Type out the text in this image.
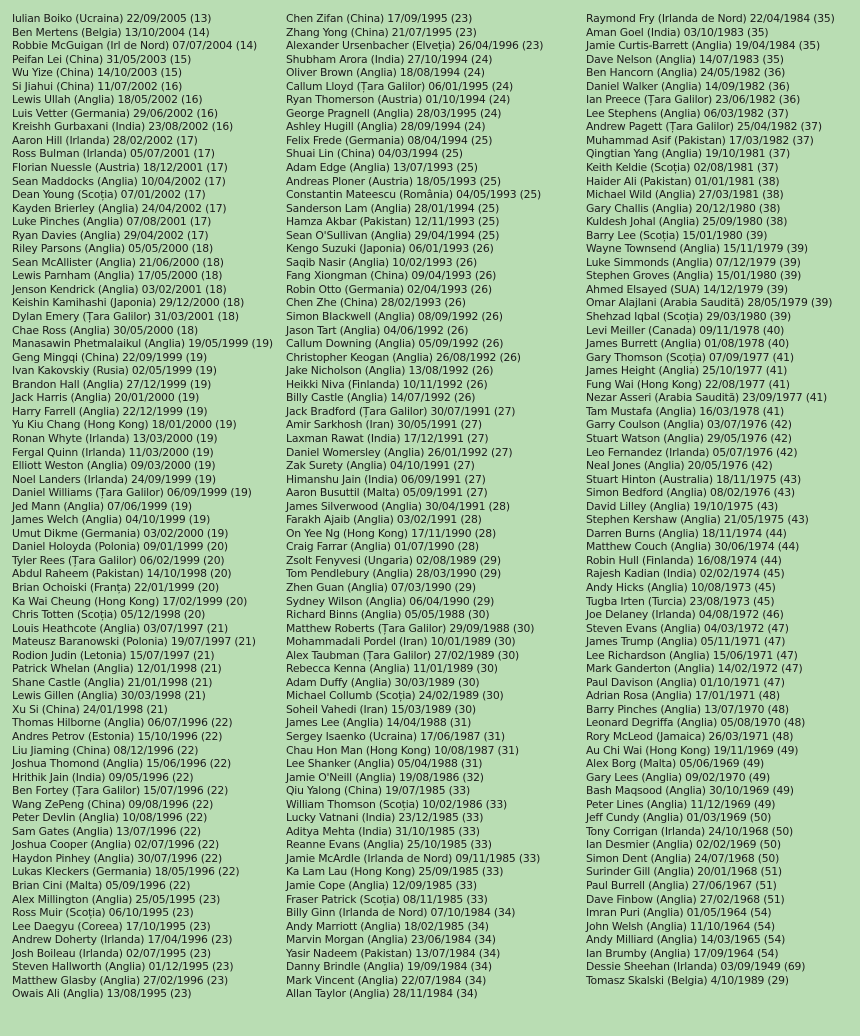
Iulian Boiko (Ucraina) 22/09/2005 (13)
Ben Mertens (Belgia) 13/10/2004 (14)
Robbie McGuigan (Irl de Nord) 07/07/2004 (14)
Peifan Lei (China) 31/05/2003 (15)
Wu Yize (China) 14/10/2003 (15)
Si Jiahui (China) 11/07/2002 (16)
Lewis Ullah (Anglia) 18/05/2002 (16)
Luis Vetter (Germania) 29/06/2002 (16)
Kreishh Gurbaxani (India) 23/08/2002 (16)
Aaron Hill (Irlanda) 28/02/2002 (17)
Ross Bulman (Irlanda) 05/07/2001 (17)
Florian Nuessle (Austria) 18/12/2001 (17)
Sean Maddocks (Anglia) 10/04/2002 (17)
Dean Young (Scoția) 07/01/2002 (17)
Kayden Brierley (Anglia) 24/04/2002 (17)
Luke Pinches (Anglia) 07/08/2001 (17)
Ryan Davies (Anglia) 29/04/2002 (17)
Riley Parsons (Anglia) 05/05/2000 (18)
Sean McAllister (Anglia) 21/06/2000 (18)
Lewis Parnham (Anglia) 17/05/2000 (18)
Jenson Kendrick (Anglia) 03/02/2001 (18)
Keishin Kamihashi (Japonia) 29/12/2000 (18)
Dylan Emery (Țara Galilor) 31/03/2001 (18)
Chae Ross (Anglia) 30/05/2000 (18)
Manasawin Phetmalaikul (Anglia) 19/05/1999 (19)
Geng Mingqi (China) 22/09/1999 (19)
Ivan Kakovskiy (Rusia) 02/05/1999 (19)
Brandon Hall (Anglia) 27/12/1999 (19)
Jack Harris (Anglia) 20/01/2000 (19)
Harry Farrell (Anglia) 22/12/1999 (19)
Yu Kiu Chang (Hong Kong) 18/01/2000 (19)
Ronan Whyte (Irlanda) 13/03/2000 (19)
Fergal Quinn (Irlanda) 11/03/2000 (19)
Elliott Weston (Anglia) 09/03/2000 (19)
Noel Landers (Irlanda) 24/09/1999 (19)
Daniel Williams (Țara Galilor) 06/09/1999 (19)
Jed Mann (Anglia) 07/06/1999 (19)
James Welch (Anglia) 04/10/1999 (19)
Umut Dikme (Germania) 03/02/2000 (19)
Daniel Holoyda (Polonia) 09/01/1999 (20)
Tyler Rees (Țara Galilor) 06/02/1999 (20)
Abdul Raheem (Pakistan) 14/10/1998 (20)
Brian Ochoiski (Franța) 22/01/1999 (20)
Ka Wai Cheung (Hong Kong) 17/02/1999 (20)
Chris Totten (Scoția) 05/12/1998 (20)
Louis Heathcote (Anglia) 03/07/1997 (21)
Mateusz Baranowski (Polonia) 19/07/1997 (21)
Rodion Judin (Letonia) 15/07/1997 (21)
Patrick Whelan (Anglia) 12/01/1998 (21)
Shane Castle (Anglia) 21/01/1998 (21)
Lewis Gillen (Anglia) 30/03/1998 (21)
Xu Si (China) 24/01/1998 (21)
Thomas Hilborne (Anglia) 06/07/1996 (22)
Andres Petrov (Estonia) 15/10/1996 (22)
Liu Jiaming (China) 08/12/1996 (22)
Joshua Thomond (Anglia) 15/06/1996 (22)
Hrithik Jain (India) 09/05/1996 (22)
Ben Fortey (Țara Galilor) 15/07/1996 (22)
Wang ZePeng (China) 09/08/1996 (22)
Peter Devlin (Anglia) 10/08/1996 (22)
Sam Gates (Anglia) 13/07/1996 (22)
Joshua Cooper (Anglia) 02/07/1996 (22)
Haydon Pinhey (Anglia) 30/07/1996 (22)
Lukas Kleckers (Germania) 18/05/1996 (22)
Brian Cini (Malta) 05/09/1996 (22)
Alex Millington (Anglia) 25/05/1995 (23)
Ross Muir (Scoția) 06/10/1995 (23)
Lee Daegyu (Coreea) 17/10/1995 (23)
Andrew Doherty (Irlanda) 17/04/1996 (23)
Josh Boileau (Irlanda) 02/07/1995 (23)
Steven Hallworth (Anglia) 01/12/1995 (23)
Matthew Glasby (Anglia) 27/02/1996 (23)
Owais Ali (Anglia) 13/08/1995 (23)
Chen Zifan (China) 17/09/1995 (23)
Zhang Yong (China) 21/07/1995 (23)
Alexander Ursenbacher (Elveția) 26/04/1996 (23)
Shubham Arora (India) 27/10/1994 (24)
Oliver Brown (Anglia) 18/08/1994 (24)
Callum Lloyd (Țara Galilor) 06/01/1995 (24)
Ryan Thomerson (Austria) 01/10/1994 (24)
George Pragnell (Anglia) 28/03/1995 (24)
Ashley Hugill (Anglia) 28/09/1994 (24)
Felix Frede (Germania) 08/04/1994 (25)
Shuai Lin (China) 04/03/1994 (25)
Adam Edge (Anglia) 13/07/1993 (25)
Andreas Ploner (Austria) 18/05/1993 (25)
Constantin Mateescu (România) 04/05/1993 (25)
Sanderson Lam (Anglia) 28/01/1994 (25)
Hamza Akbar (Pakistan) 12/11/1993 (25)
Sean O'Sullivan (Anglia) 29/04/1994 (25)
Kengo Suzuki (Japonia) 06/01/1993 (26)
Saqib Nasir (Anglia) 10/02/1993 (26)
Fang Xiongman (China) 09/04/1993 (26)
Robin Otto (Germania) 02/04/1993 (26)
Chen Zhe (China) 28/02/1993 (26)
Simon Blackwell (Anglia) 08/09/1992 (26)
Jason Tart (Anglia) 04/06/1992 (26)
Callum Downing (Anglia) 05/09/1992 (26)
Christopher Keogan (Anglia) 26/08/1992 (26)
Jake Nicholson (Anglia) 13/08/1992 (26)
Heikki Niva (Finlanda) 10/11/1992 (26)
Billy Castle (Anglia) 14/07/1992 (26)
Jack Bradford (Țara Galilor) 30/07/1991 (27)
Amir Sarkhosh (Iran) 30/05/1991 (27)
Laxman Rawat (India) 17/12/1991 (27)
Daniel Womersley (Anglia) 26/01/1992 (27)
Zak Surety (Anglia) 04/10/1991 (27)
Himanshu Jain (India) 06/09/1991 (27)
Aaron Busuttil (Malta) 05/09/1991 (27)
James Silverwood (Anglia) 30/04/1991 (28)
Farakh Ajaib (Anglia) 03/02/1991 (28)
On Yee Ng (Hong Kong) 17/11/1990 (28)
Craig Farrar (Anglia) 01/07/1990 (28)
Zsolt Fenyvesi (Ungaria) 02/08/1989 (29)
Tom Pendlebury (Anglia) 28/03/1990 (29)
Zhen Guan (Anglia) 07/03/1990 (29)
Sydney Wilson (Anglia) 06/04/1990 (29)
Richard Binns (Anglia) 05/05/1988 (30)
Matthew Roberts (Țara Galilor) 29/09/1988 (30)
Mohammadali Pordel (Iran) 10/01/1989 (30)
Alex Taubman (Țara Galilor) 27/02/1989 (30)
Rebecca Kenna (Anglia) 11/01/1989 (30)
Adam Duffy (Anglia) 30/03/1989 (30)
Michael Collumb (Scoția) 24/02/1989 (30)
Soheil Vahedi (Iran) 15/03/1989 (30)
James Lee (Anglia) 14/04/1988 (31)
Sergey Isaenko (Ucraina) 17/06/1987 (31)
Chau Hon Man (Hong Kong) 10/08/1987 (31)
Lee Shanker (Anglia) 05/04/1988 (31)
Jamie O'Neill (Anglia) 19/08/1986 (32)
Qiu Yalong (China) 19/07/1985 (33)
William Thomson (Scoția) 10/02/1986 (33)
Lucky Vatnani (India) 23/12/1985 (33)
Aditya Mehta (India) 31/10/1985 (33)
Reanne Evans (Anglia) 25/10/1985 (33)
Jamie McArdle (Irlanda de Nord) 09/11/1985 (33)
Ka Lam Lau (Hong Kong) 25/09/1985 (33)
Jamie Cope (Anglia) 12/09/1985 (33)
Fraser Patrick (Scoția) 08/11/1985 (33)
Billy Ginn (Irlanda de Nord) 07/10/1984 (34)
Andy Marriott (Anglia) 18/02/1985 (34)
Marvin Morgan (Anglia) 23/06/1984 (34)
Yasir Nadeem (Pakistan) 13/07/1984 (34)
Danny Brindle (Anglia) 19/09/1984 (34)
Mark Vincent (Anglia) 22/07/1984 (34)
Allan Taylor (Anglia) 28/11/1984 (34)
Raymond Fry (Irlanda de Nord) 22/04/1984 (35)
Aman Goel (India) 03/10/1983 (35)
Jamie Curtis-Barrett (Anglia) 19/04/1984 (35)
Dave Nelson (Anglia) 14/07/1983 (35)
Ben Hancorn (Anglia) 24/05/1982 (36)
Daniel Walker (Anglia) 14/09/1982 (36)
Ian Preece (Țara Galilor) 23/06/1982 (36)
Lee Stephens (Anglia) 06/03/1982 (37)
Andrew Pagett (Țara Galilor) 25/04/1982 (37)
Muhammad Asif (Pakistan) 17/03/1982 (37)
Qingtian Yang (Anglia) 19/10/1981 (37)
Keith Keldie (Scoția) 02/08/1981 (37)
Haider Ali (Pakistan) 01/01/1981 (38)
Michael Wild (Anglia) 27/03/1981 (38)
Gary Challis (Anglia) 20/12/1980 (38)
Kuldesh Johal (Anglia) 25/09/1980 (38)
Barry Lee (Scoția) 15/01/1980 (39)
Wayne Townsend (Anglia) 15/11/1979 (39)
Luke Simmonds (Anglia) 07/12/1979 (39)
Stephen Groves (Anglia) 15/01/1980 (39)
Ahmed Elsayed (SUA) 14/12/1979 (39)
Omar Alajlani (Arabia Saudită) 28/05/1979 (39)
Shehzad Iqbal (Scoția) 29/03/1980 (39)
Levi Meiller (Canada) 09/11/1978 (40)
James Burrett (Anglia) 01/08/1978 (40)
Gary Thomson (Scoția) 07/09/1977 (41)
James Height (Anglia) 25/10/1977 (41)
Fung Wai (Hong Kong) 22/08/1977 (41)
Nezar Asseri (Arabia Saudită) 23/09/1977 (41)
Tam Mustafa (Anglia) 16/03/1978 (41)
Garry Coulson (Anglia) 03/07/1976 (42)
Stuart Watson (Anglia) 29/05/1976 (42)
Leo Fernandez (Irlanda) 05/07/1976 (42)
Neal Jones (Anglia) 20/05/1976 (42)
Stuart Hinton (Australia) 18/11/1975 (43)
Simon Bedford (Anglia) 08/02/1976 (43)
David Lilley (Anglia) 19/10/1975 (43)
Stephen Kershaw (Anglia) 21/05/1975 (43)
Darren Burns (Anglia) 18/11/1974 (44)
Matthew Couch (Anglia) 30/06/1974 (44)
Robin Hull (Finlanda) 16/08/1974 (44)
Rajesh Kadian (India) 02/02/1974 (45)
Andy Hicks (Anglia) 10/08/1973 (45)
Tugba Irten (Turcia) 23/08/1973 (45)
Joe Delaney (Irlanda) 04/08/1972 (46)
Steven Evans (Anglia) 04/03/1972 (47)
James Trump (Anglia) 05/11/1971 (47)
Lee Richardson (Anglia) 15/06/1971 (47)
Mark Ganderton (Anglia) 14/02/1972 (47)
Paul Davison (Anglia) 01/10/1971 (47)
Adrian Rosa (Anglia) 17/01/1971 (48)
Barry Pinches (Anglia) 13/07/1970 (48)
Leonard Degriffa (Anglia) 05/08/1970 (48)
Rory McLeod (Jamaica) 26/03/1971 (48)
Au Chi Wai (Hong Kong) 19/11/1969 (49)
Alex Borg (Malta) 05/06/1969 (49)
Gary Lees (Anglia) 09/02/1970 (49)
Bash Maqsood (Anglia) 30/10/1969 (49)
Peter Lines (Anglia) 11/12/1969 (49)
Jeff Cundy (Anglia) 01/03/1969 (50)
Tony Corrigan (Irlanda) 24/10/1968 (50)
Ian Desmier (Anglia) 02/02/1969 (50)
Simon Dent (Anglia) 24/07/1968 (50)
Surinder Gill (Anglia) 20/01/1968 (51)
Paul Burrell (Anglia) 27/06/1967 (51)
Dave Finbow (Anglia) 27/02/1968 (51)
Imran Puri (Anglia) 01/05/1964 (54)
John Welsh (Anglia) 11/10/1964 (54)
Andy Milliard (Anglia) 14/03/1965 (54)
Ian Brumby (Anglia) 17/09/1964 (54)
Dessie Sheehan (Irlanda) 03/09/1949 (69)
Tomasz Skalski (Belgia) 4/10/1989 (29)
